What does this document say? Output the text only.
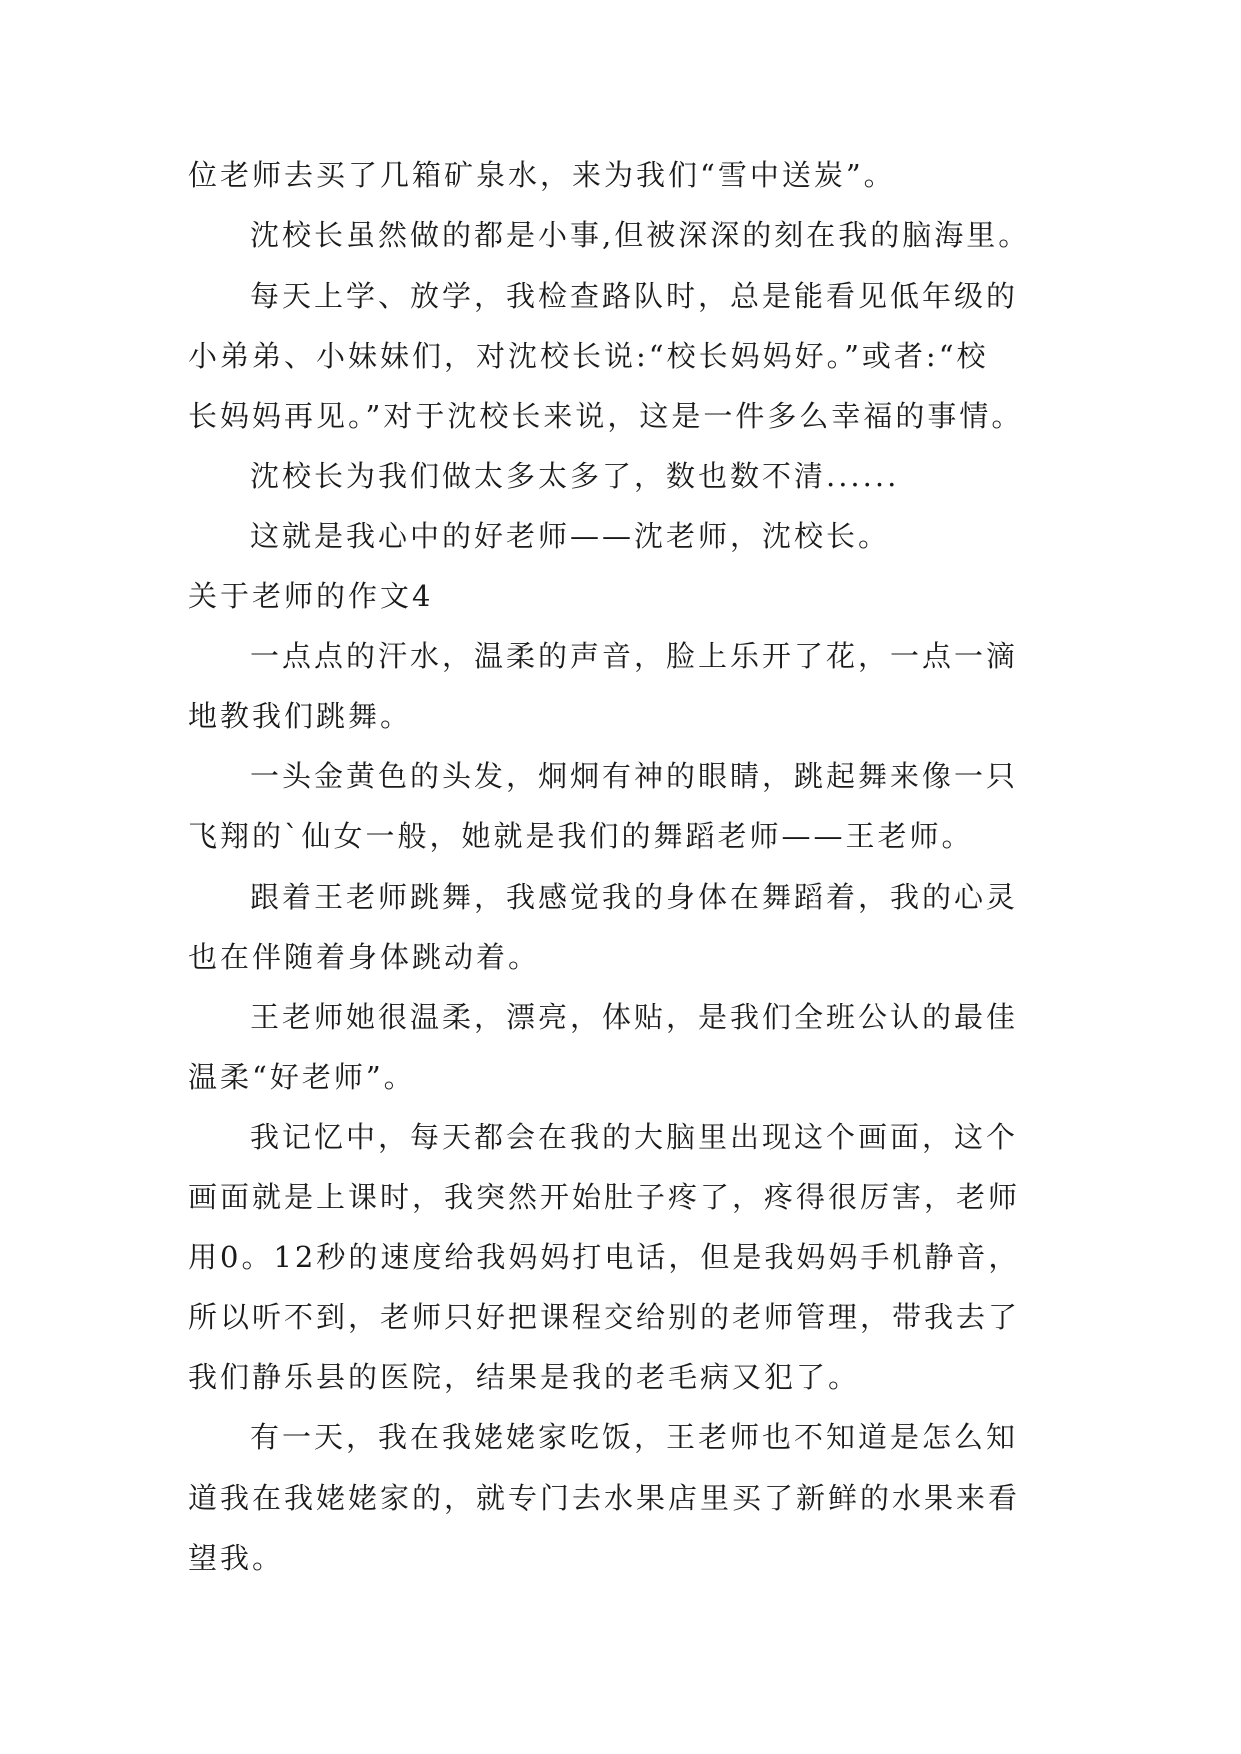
位老师去买了几箱矿泉水，来为我们“雪中送炭”。
沈校长虽然做的都是小事,但被深深的刻在我的脑海里。
每天上学、放学，我检查路队时，总是能看见低年级的
小弟弟、小妹妹们，对沈校长说:“校长妈妈好。”或者:“校
长妈妈再见。”对于沈校长来说，这是一件多么幸福的事情。
沈校长为我们做太多太多了，数也数不清......
这就是我心中的好老师——沈老师，沈校长。
关于老师的作文4
一点点的汗水，温柔的声音，脸上乐开了花，一点一滴
地教我们跳舞。
一头金黄色的头发，炯炯有神的眼睛，跳起舞来像一只
飞翔的`仙女一般，她就是我们的舞蹈老师——王老师。
跟着王老师跳舞，我感觉我的身体在舞蹈着，我的心灵
也在伴随着身体跳动着。
王老师她很温柔，漂亮，体贴，是我们全班公认的最佳
温柔“好老师”。
我记忆中，每天都会在我的大脑里出现这个画面，这个
画面就是上课时，我突然开始肚子疼了，疼得很厉害，老师
用0。12秒的速度给我妈妈打电话，但是我妈妈手机静音，
所以听不到，老师只好把课程交给别的老师管理，带我去了
我们静乐县的医院，结果是我的老毛病又犯了。
有一天，我在我姥姥家吃饭，王老师也不知道是怎么知
道我在我姥姥家的，就专门去水果店里买了新鲜的水果来看
望我。
